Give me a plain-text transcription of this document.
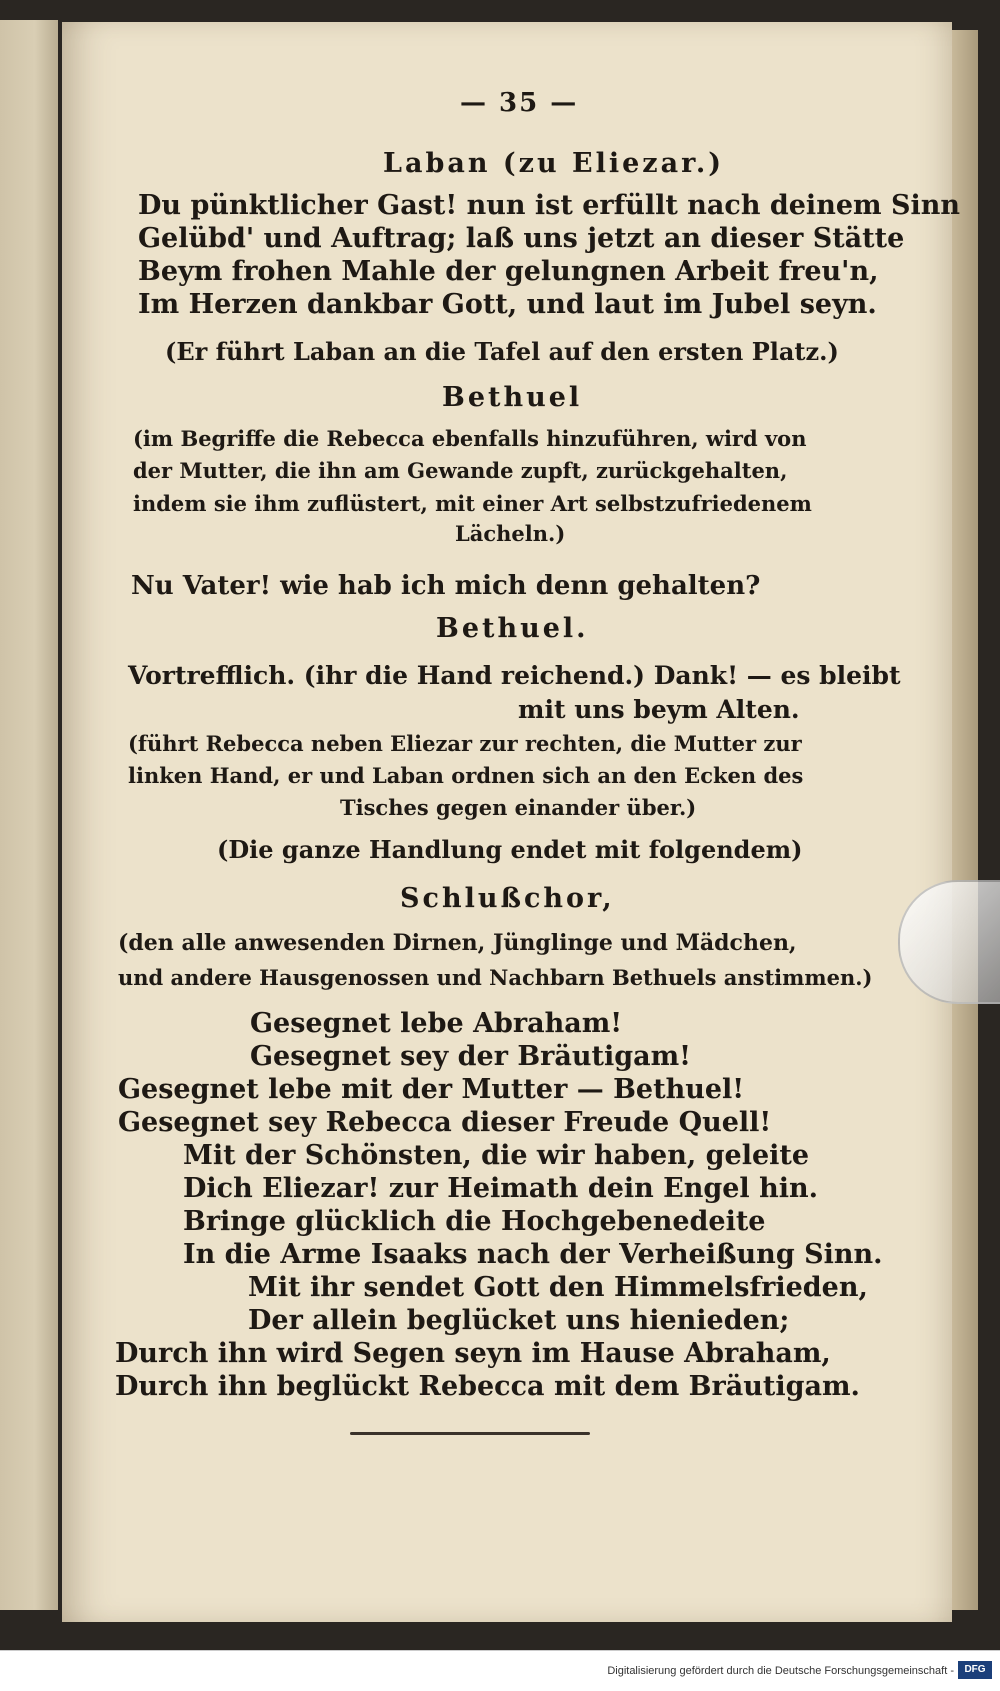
— 35 —
Laban (zu Eliezar.)
Du pünktlicher Gast! nun ist erfüllt nach deinem Sinn
Gelübd' und Auftrag; laß uns jetzt an dieser Stätte
Beym frohen Mahle der gelungnen Arbeit freu'n,
Im Herzen dankbar Gott, und laut im Jubel seyn.
(Er führt Laban an die Tafel auf den ersten Platz.)
Bethuel
(im Begriffe die Rebecca ebenfalls hinzuführen, wird von
der Mutter, die ihn am Gewande zupft, zurückgehalten,
indem sie ihm zuflüstert, mit einer Art selbstzufriedenem
Lächeln.)
Nu Vater! wie hab ich mich denn gehalten?
Bethuel.
Vortrefflich. (ihr die Hand reichend.) Dank! — es bleibt
mit uns beym Alten.
(führt Rebecca neben Eliezar zur rechten, die Mutter zur
linken Hand, er und Laban ordnen sich an den Ecken des
Tisches gegen einander über.)
(Die ganze Handlung endet mit folgendem)
Schlußchor,
(den alle anwesenden Dirnen, Jünglinge und Mädchen,
und andere Hausgenossen und Nachbarn Bethuels anstimmen.)
Gesegnet lebe Abraham!
Gesegnet sey der Bräutigam!
Gesegnet lebe mit der Mutter — Bethuel!
Gesegnet sey Rebecca dieser Freude Quell!
Mit der Schönsten, die wir haben, geleite
Dich Eliezar! zur Heimath dein Engel hin.
Bringe glücklich die Hochgebenedeite
In die Arme Isaaks nach der Verheißung Sinn.
Mit ihr sendet Gott den Himmelsfrieden,
Der allein beglücket uns hienieden;
Durch ihn wird Segen seyn im Hause Abraham,
Durch ihn beglückt Rebecca mit dem Bräutigam.
Digitalisierung gefördert durch die Deutsche Forschungsgemeinschaft -	DFG
